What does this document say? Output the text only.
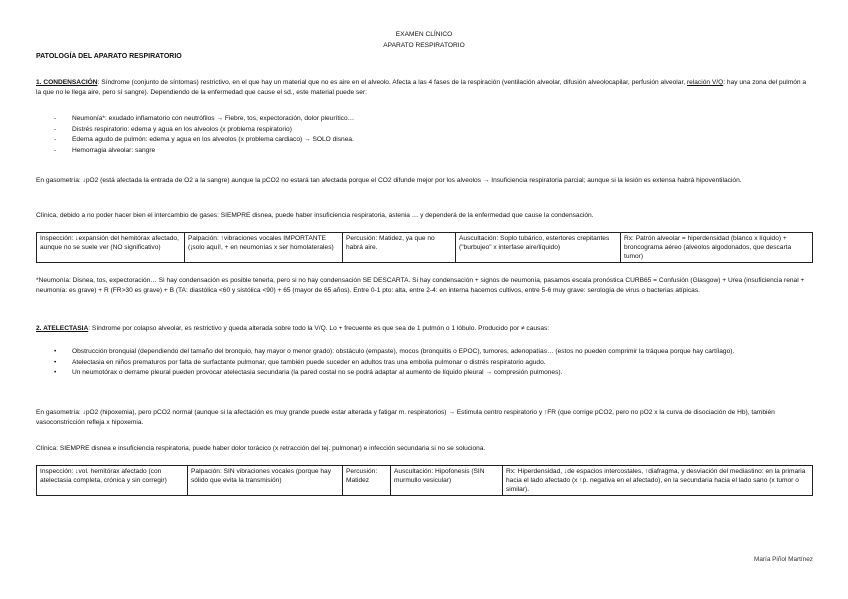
EXAMEN CLÍNICO
APARATO RESPIRATORIO
PATOLOGÍA DEL APARATO RESPIRATORIO
1. CONDENSACIÓN: Síndrome (conjunto de síntomas) restrictivo, en el que hay un material que no es aire en el alveolo. Afecta a las 4 fases de la respiración (ventilación alveolar, difusión alveolocapilar, perfusión alveolar, relación V/Q: hay una zona del pulmón a la que no le llega aire, pero sí sangre). Dependiendo de la enfermedad que cause el sd., este material puede ser:
- Neumonía*: exudado inflamatorio con neutrófilos → Fiebre, tos, expectoración, dolor pleurítico…
- Distrés respiratorio: edema y agua en los alveolos (x problema respiratorio)
- Edema agudo de pulmón: edema y agua en los alveolos (x problema cardiaco) → SOLO disnea.
- Hemorragia alveolar: sangre
En gasometría: ↓pO2 (está afectada la entrada de O2 a la sangre) aunque la pCO2 no estará tan afectada porque el CO2 difunde mejor por los alveolos → Insuficiencia respiratoria parcial; aunque si la lesión es extensa habrá hipoventilación.
Clínica, debido a no poder hacer bien el intercambio de gases: SIEMPRE disnea, puede haber insuficiencia respiratoria, astenia … y dependerá de la enfermedad que cause la condensación.
Inspección: ↓expansión del hemitórax afectado, aunque no se suele ver (NO significativo)	Palpación: ↑vibraciones vocales IMPORTANTE (¡solo aquí!, + en neumonías x ser homolaterales)	Percusión: Matidez, ya que no habrá aire.	Auscultación: Soplo tubárico, estertores crepitantes ("burbujeo" x interfase aire/líquido)	Rx: Patrón alveolar = hiperdensidad (blanco x líquido) + broncograma aéreo (alveolos algodonados, que descarta tumor)
*Neumonía: Disnea, tos, expectoración… Si hay condensación es posible tenerla, pero si no hay condensación SE DESCARTA. Si hay condensación + signos de neumonía, pasamos escala pronóstica CURB65 = Confusión (Glasgow) + Urea (insuficiencia renal + neumonía: es grave) + R (FR>30 es grave) + B (TA: diastólica <60 y sistólica <90) + 65 (mayor de 65 años). Entre 0-1 pto: alta, entre 2-4: en interna hacemos cultivos, entre 5-6 muy grave: serología de virus o bacterias atípicas.
2. ATELECTASIA: Síndrome por colapso alveolar, es restrictivo y queda alterada sobre todo la V/Q. Lo + frecuente es que sea de 1 pulmón o 1 lóbulo. Producido por ≠ causas:
• Obstrucción bronquial (dependiendo del tamaño del bronquio, hay mayor o menor grado): obstáculo (empaste), mocos (bronquitis o EPOC), tumores, adenopatías… (estos no pueden comprimir la tráquea porque hay cartílago).
• Atelectasia en niños prematuros por falta de surfactante pulmonar, que también puede suceder en adultos tras una embolia pulmonar o distrés respiratorio agudo.
• Un neumotórax o derrame pleural pueden provocar atelectasia secundaria (la pared costal no se podrá adaptar al aumento de líquido pleural → compresión pulmones).
En gasometría: ↓pO2 (hipoxemia), pero pCO2 normal (aunque si la afectación es muy grande puede estar alterada y fatigar m. respiratorios) → Estimula centro respiratorio y ↑FR (que corrige pCO2, pero no pO2 x la curva de disociación de Hb), también vasoconstricción refleja x hipoxemia.
Clínica: SIEMPRE disnea e insuficiencia respiratoria, puede haber dolor torácico (x retracción del tej. pulmonar) e infección secundaria si no se soluciona.
Inspección: ↓vol. hemitórax afectado (con atelectasia completa, crónica y sin corregir)	Palpación: SIN vibraciones vocales (porque hay sólido que evita la transmisión)	Percusión: Matidez	Auscultación: Hipofonesis (SIN murmullo vesicular)	Rx: Hiperdensidad, ↓de espacios intercostales, ↑diafragma, y desviación del mediastino: en la primaria hacia el lado afectado (x ↑p. negativa en el afectado), en la secundaria hacia el lado sano (x tumor o similar).
María Piñol Martínez
